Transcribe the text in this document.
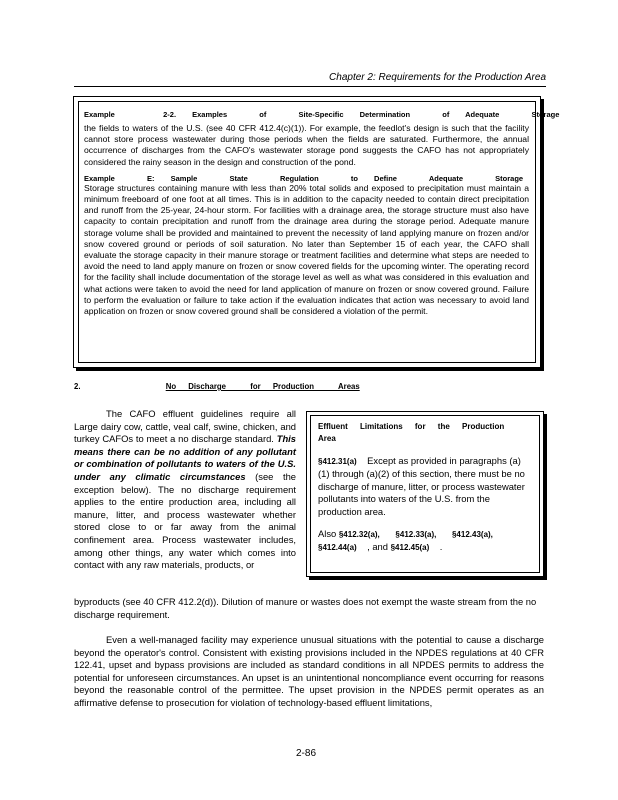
Chapter 2: Requirements for the Production Area
Example   2-2. Examples  of  Site-Specific Determination  of Adequate  Storage
the fields to waters of the U.S. (see 40 CFR 412.4(c)(1)). For example, the feedlot's design is such that the facility cannot store process wastewater during those periods when the fields are saturated. Furthermore, the annual occurrence of discharges from the CAFO's wastewater storage pond suggests the CAFO has not appropriately considered the rainy season in the design and construction of the pond.
Example  E: Sample  State  Regulation  to Define  Adequate  Storage
Storage structures containing manure with less than 20% total solids and exposed to precipitation must maintain a minimum freeboard of one foot at all times. This is in addition to the capacity needed to contain direct precipitation and runoff from the 25-year, 24-hour storm. For facilities with a drainage area, the storage structure must also have capacity to contain precipitation and runoff from the drainage area during the storage period. Adequate manure storage volume shall be provided and maintained to prevent the necessity of land applying manure on frozen and/or snow covered ground or periods of soil saturation. No later than September 15 of each year, the CAFO shall evaluate the storage capacity in their manure storage or treatment facilities and determine what steps are needed to avoid the need to land apply manure on frozen or snow covered fields for the upcoming winter. The operating record for the facility shall include documentation of the storage level as well as what was considered in this evaluation and what actions were taken to avoid the need for land application of manure on frozen or snow covered ground. Failure to perform the evaluation or failure to take action if the evaluation indicates that action was necessary to avoid land application on frozen or snow covered ground shall be considered a violation of the permit.
2.	No Discharge  for Production  Areas

The CAFO effluent guidelines require all Large dairy cow, cattle, veal calf, swine, chicken, and turkey CAFOs to meet a no discharge standard. This means there can be no addition of any pollutant or combination of pollutants to waters of the U.S. under any climatic circumstances (see the exception below). The no discharge requirement applies to the entire production area, including all manure, litter, and process wastewater whether stored close to or far away from the animal confinement area. Process wastewater includes, among other things, any water which comes into contact with any raw materials, products, or

byproducts (see 40 CFR 412.2(d)). Dilution of manure or wastes does not exempt the waste stream from the no discharge requirement.
Effluent Limitations for the Production Area

§412.31(a) Except as provided in paragraphs (a)(1) through (a)(2) of this section, there must be no discharge of manure, litter, or process wastewater pollutants into waters of the U.S. from the production area.

Also §412.32(a), §412.33(a), §412.43(a), §412.44(a) , and §412.45(a) .

Even a well-managed facility may experience unusual situations with the potential to cause a discharge beyond the operator's control. Consistent with existing provisions included in the NPDES regulations at 40 CFR 122.41, upset and bypass provisions are included as standard conditions in all NPDES permits to address the potential for unforeseen circumstances. An upset is an unintentional noncompliance event occurring for reasons beyond the reasonable control of the permittee. The upset provision in the NPDES permit operates as an affirmative defense to prosecution for violation of technology-based effluent limitations,

2-86
